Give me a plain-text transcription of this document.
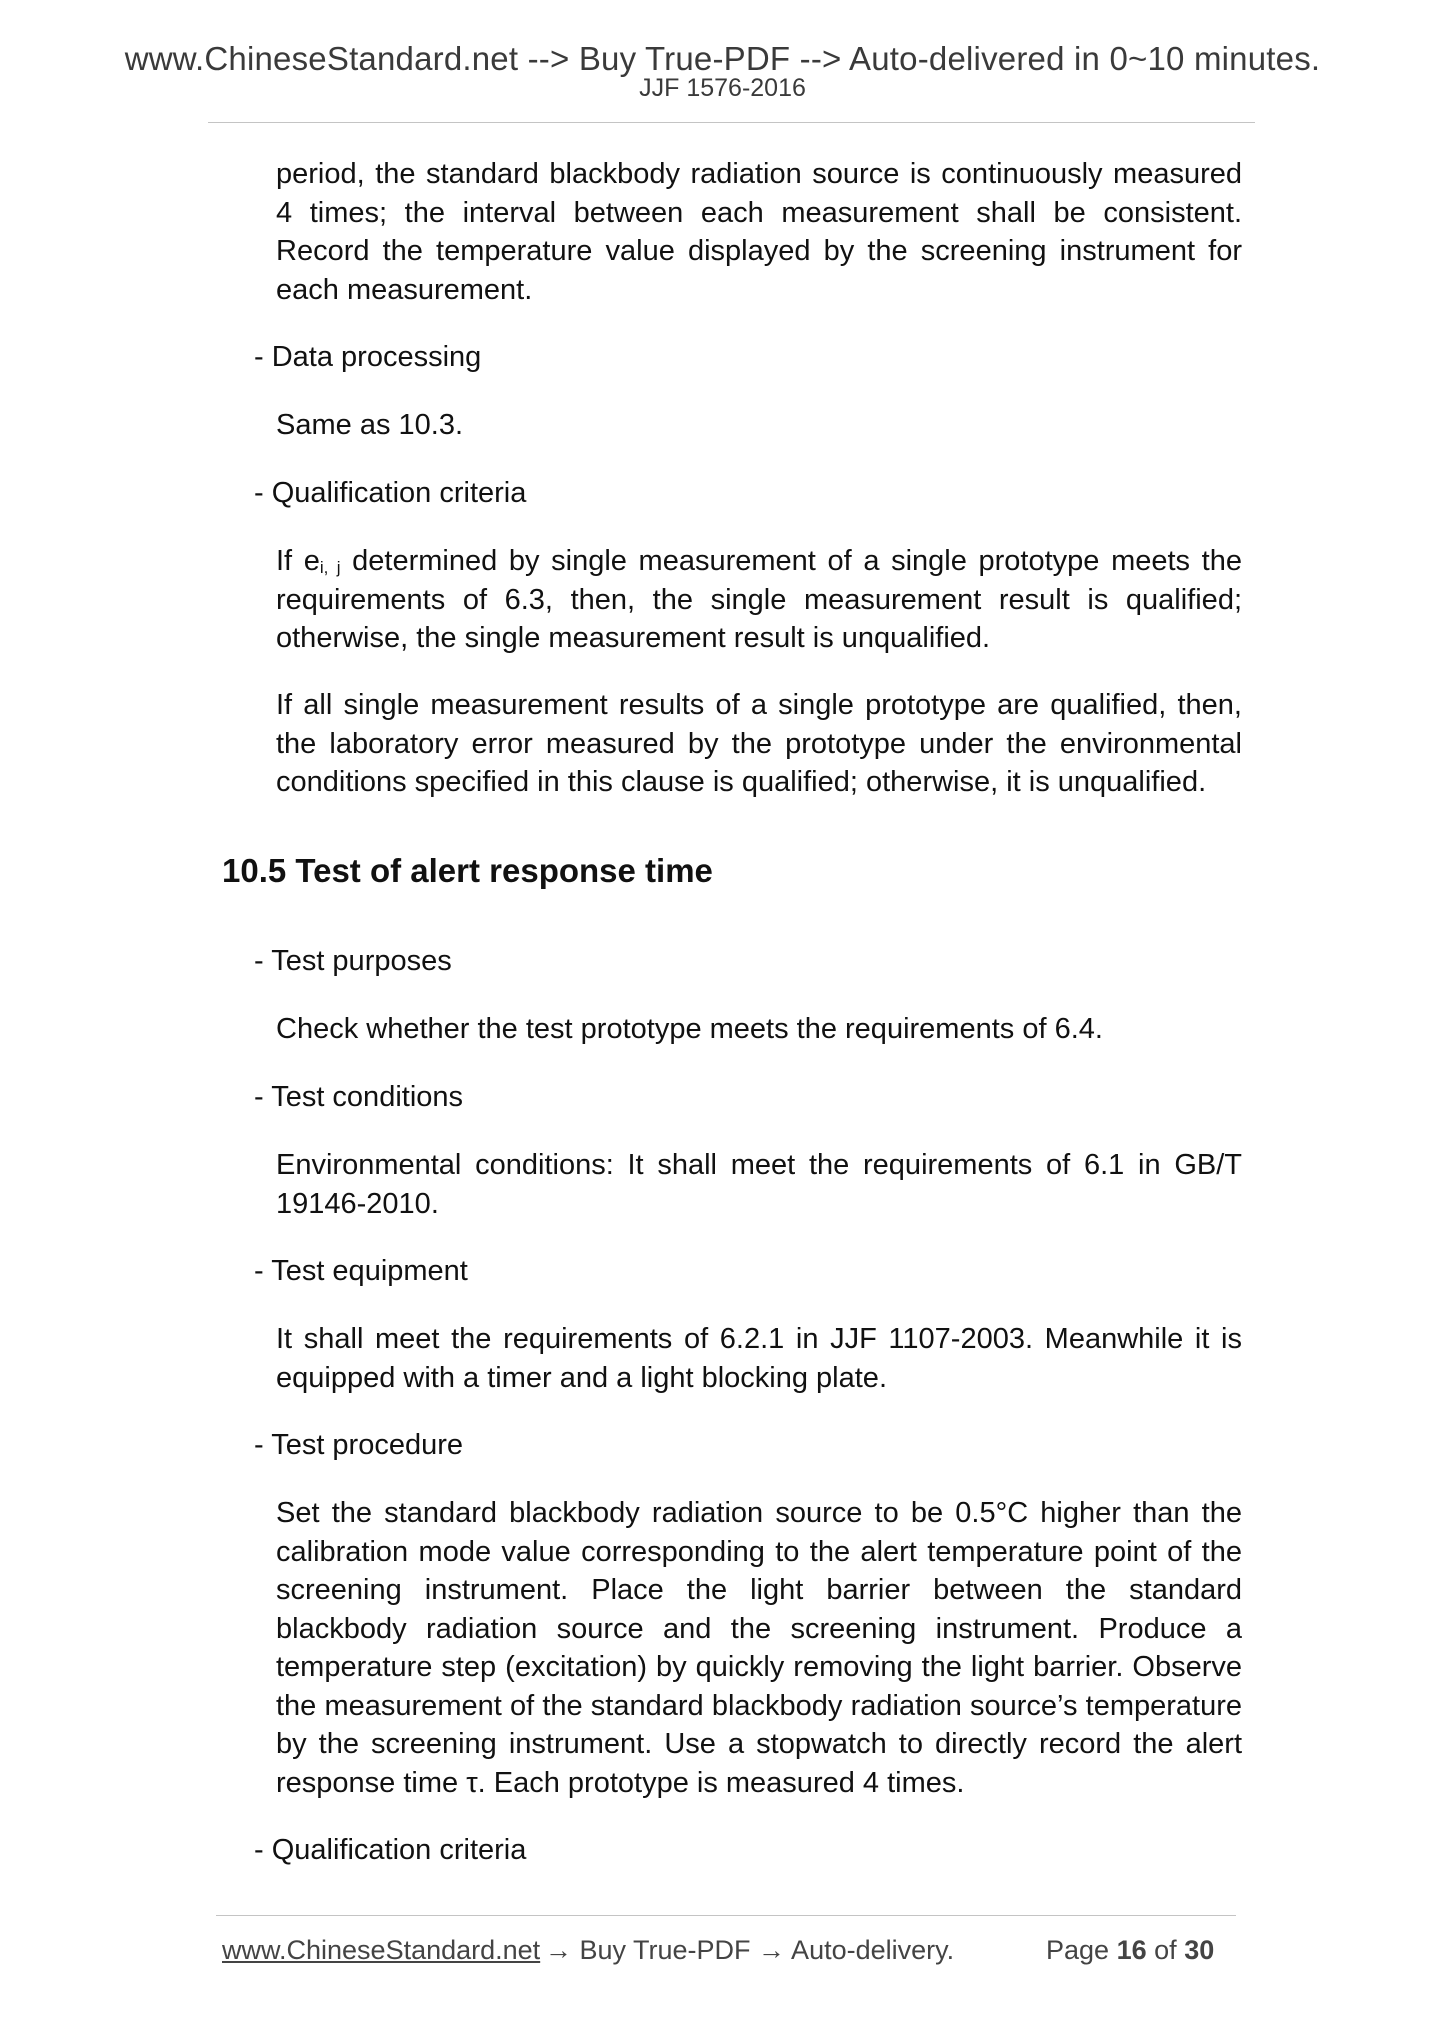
www.ChineseStandard.net --> Buy True-PDF --> Auto-delivered in 0~10 minutes.
JJF 1576-2016

period, the standard blackbody radiation source is continuously measured 4 times; the interval between each measurement shall be consistent. Record the temperature value displayed by the screening instrument for each measurement.

- Data processing

Same as 10.3.

- Qualification criteria

If $e_{i, j}$ determined by single measurement of a single prototype meets the requirements of 6.3, then, the single measurement result is qualified; otherwise, the single measurement result is unqualified.

If all single measurement results of a single prototype are qualified, then, the laboratory error measured by the prototype under the environmental conditions specified in this clause is qualified; otherwise, it is unqualified.

10.5 Test of alert response time
- Test purposes

Check whether the test prototype meets the requirements of 6.4.

- Test conditions

Environmental conditions: It shall meet the requirements of 6.1 in GB/T 19146-2010.

- Test equipment

It shall meet the requirements of 6.2.1 in JJF 1107-2003. Meanwhile it is equipped with a timer and a light blocking plate.

- Test procedure

Set the standard blackbody radiation source to be 0.5°C higher than the calibration mode value corresponding to the alert temperature point of the screening instrument. Place the light barrier between the standard blackbody radiation source and the screening instrument. Produce a temperature step (excitation) by quickly removing the light barrier. Observe the measurement of the standard blackbody radiation source’s temperature by the screening instrument. Use a stopwatch to directly record the alert response time τ. Each prototype is measured 4 times.

- Qualification criteria
www.ChineseStandard.net → Buy True-PDF → Auto-delivery.	Page 16 of 30
